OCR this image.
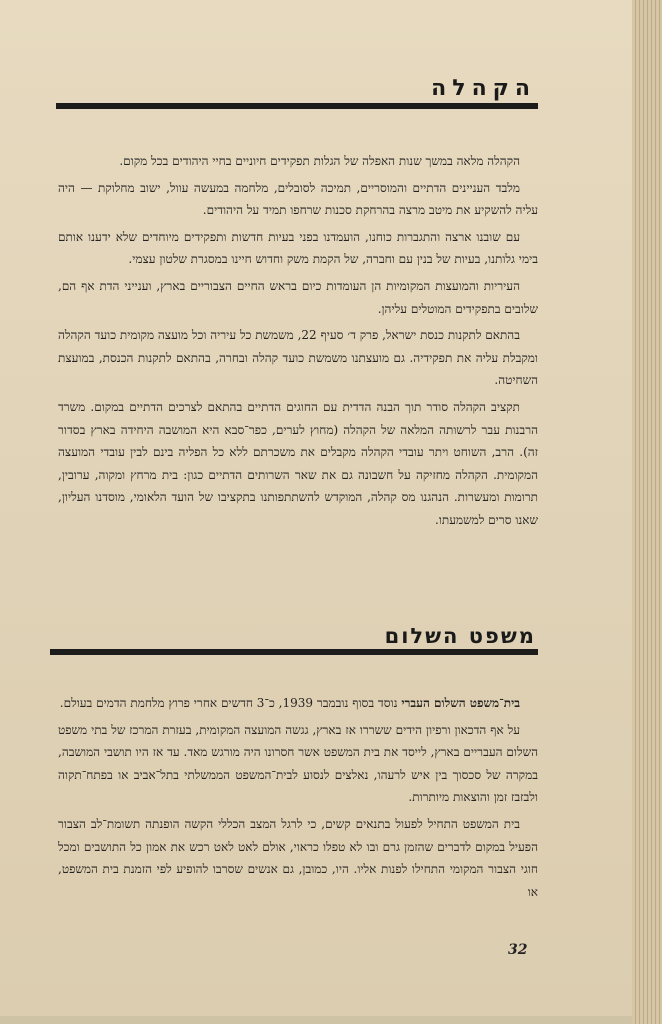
הקהלה

הקהלה מלאה במשך שנות האפלה של הגלות תפקידים חיוניים בחיי היהודים בכל מקום.

מלבד העניינים הדתיים והמוסריים, תמיכה לסובלים, מלחמה במעשה עוול, ישוב מחלוקת — היה עליה להשקיע את מיטב מרצה בהרחקת סכנות שרחפו תמיד על היהודים.

עם שובנו ארצה והתגברות כוחנו, הועמדנו בפני בעיות חדשות ותפקידים מיוחדים שלא ידענו אותם בימי גלותנו, בעיות של בנין עם וחברה, של הקמת משק וחדוש חיינו במסגרת שלטון עצמי.

העיריות והמועצות המקומיות הן העומדות כיום בראש החיים הצבוריים בארץ, וענייני הדת אף הם, שלובים בתפקידים המוטלים עליהן.

בהתאם לתקנות כנסת ישראל, פרק ד׳ סעיף 22, משמשת כל עיריה וכל מועצה מקומית כועד הקהלה ומקבלת עליה את תפקידיה. גם מועצתנו משמשת כועד קהלה ובחרה, בהתאם לתקנות הכנסת, במועצת השחיטה.

תקציב הקהלה סודר תוך הבנה הדדית עם החוגים הדתיים בהתאם לצרכים הדתיים במקום. משרד הרבנות עבר לרשותה המלאה של הקהלה (מחוץ לערים, כפר־סבא היא המושבה היחידה בארץ בסדור זה). הרב, השוחט ויתר עובדי הקהלה מקבלים את משכרתם ללא כל הפליה בינם לבין עובדי המועצה המקומית. הקהלה מחזיקה על חשבונה גם את שאר השרותים הדתיים כגון: בית מרחץ ומקוה, ערובין, תרומות ומעשרות. הנהגנו מס קהלה, המוקדש להשתתפותנו בתקציבו של הועד הלאומי, מוסדנו העליון, שאנו סרים למשמעתו.

משפט השלום

בית־משפט השלום העברי נוסד בסוף נובמבר 1939, כ־3 חדשים אחרי פרוץ מלחמת הדמים בעולם.

על אף הדכאון ורפיון הידים ששררו אז בארץ, גגשה המועצה המקומית, בעזרת המרכז של בתי משפט השלום העבריים בארץ, לייסד את בית המשפט אשר חסרונו היה מורגש מאד. עד אז היו תושבי המושבה, במקרה של סכסוך בין איש לרעהו, נאלצים לנסוע לבית־המשפט הממשלתי בתל־אביב או בפתח־תקוה ולבזבז זמן והוצאות מיותרות.

בית המשפט התחיל לפעול בתנאים קשים, כי לרגל המצב הכללי הקשה הופנתה תשומת־לב הצבור הפעיל במקום לדברים שהזמן גרם ובו לא טפלו כראוי, אולם לאט לאט רכש את אמון כל התושבים ומכל חוגי הצבור המקומי התחילו לפנות אליו. היו, כמובן, גם אנשים שסרבו להופיע לפי הזמנת בית המשפט, או

32
